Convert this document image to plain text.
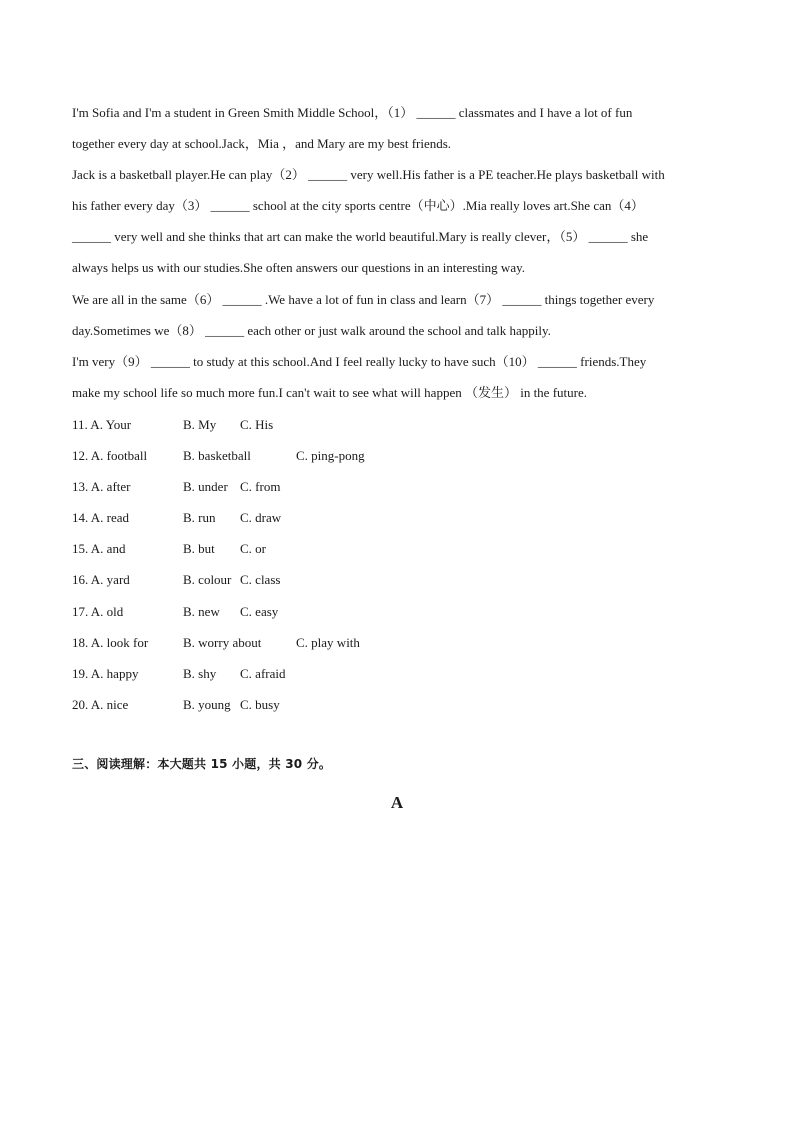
I'm Sofia and I'm a student in Green Smith Middle School，（1） ______ classmates and I have a lot of fun
together every day at school.Jack，Mia ，and Mary are my best friends.
Jack is a basketball player.He can play（2） ______ very well.His father is a PE teacher.He plays basketball with
his father every day（3） ______ school at the city sports centre（中心）.Mia really loves art.She can（4）
______ very well and she thinks that art can make the world beautiful.Mary is really clever，（5） ______ she
always helps us with our studies.She often answers our questions in an interesting way.
We are all in the same（6） ______ .We have a lot of fun in class and learn（7） ______ things together every
day.Sometimes we（8） ______ each other or just walk around the school and talk happily.
I'm very（9） ______ to study at this school.And I feel really lucky to have such（10） ______ friends.They
make my school life so much more fun.I can't wait to see what will happen （发生） in the future.
11. A. Your	B. My C. His
12. A. football	B. basketball	C. ping-pong
13. A. after	B. under C. from
14. A. read	B. run C. draw
15. A. and	B. but C. or
16. A. yard	B. colour C. class
17. A. old	B. new C. easy
18. A. look for	B. worry about	C. play with
19. A. happy	B. shy C. afraid
20. A. nice	B. young C. busy
三、阅读理解：本大题共 15 小题，共 30 分。
A
